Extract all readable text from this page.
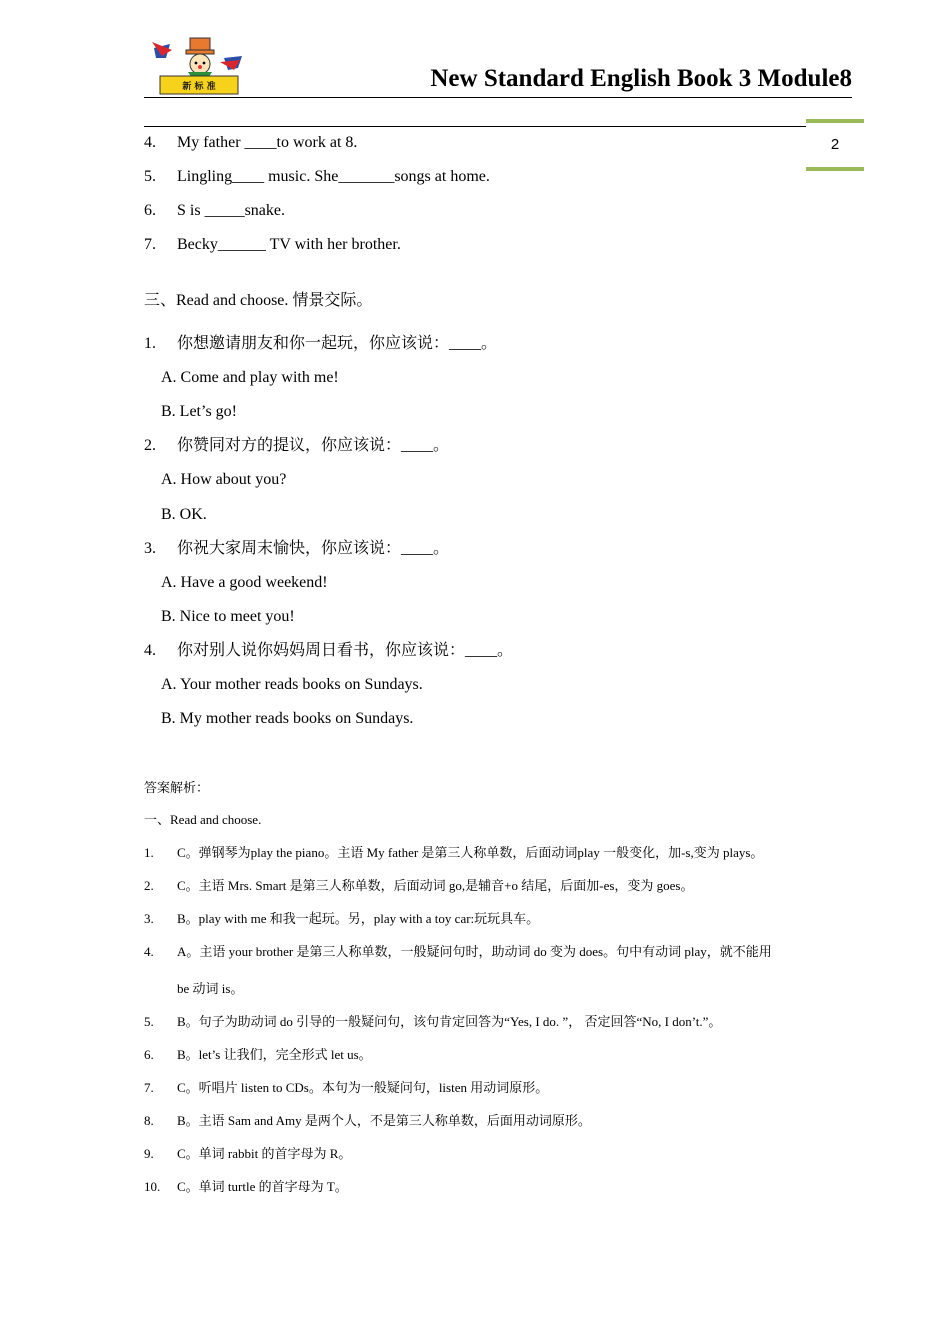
新 标 准	New Standard English Book 3 Module8
2
4. My father ____to work at 8.
5. Lingling____ music. She_______songs at home.
6. S is _____snake.
7. Becky______ TV with her brother.
三、Read and choose. 情景交际。
1. 你想邀请朋友和你一起玩，你应该说：____。
A. Come and play with me!
B. Let’s go!
2. 你赞同对方的提议，你应该说：____。
A. How about you?
B. OK.
3. 你祝大家周末愉快，你应该说：____。
A. Have a good weekend!
B. Nice to meet you!
4. 你对别人说你妈妈周日看书，你应该说：____。
A. Your mother reads books on Sundays.
B. My mother reads books on Sundays.
答案解析：
一、Read and choose.
1. C。弹钢琴为play the piano。主语 My father 是第三人称单数，后面动词play 一般变化，加-s,变为 plays。
2. C。主语 Mrs. Smart 是第三人称单数，后面动词 go,是辅音+o 结尾，后面加-es，变为 goes。
3. B。play with me 和我一起玩。另，play with a toy car:玩玩具车。
4. A。主语 your brother 是第三人称单数，一般疑问句时，助动词 do 变为 does。句中有动词 play，就不能用
be 动词 is。
5. B。句子为助动词 do 引导的一般疑问句，该句肯定回答为“Yes, I do. ”， 否定回答“No, I don’t.”。
6. B。let’s 让我们，完全形式 let us。
7. C。听唱片 listen to CDs。本句为一般疑问句，listen 用动词原形。
8. B。主语 Sam and Amy 是两个人，不是第三人称单数，后面用动词原形。
9. C。单词 rabbit 的首字母为 R。
10. C。单词 turtle 的首字母为 T。
